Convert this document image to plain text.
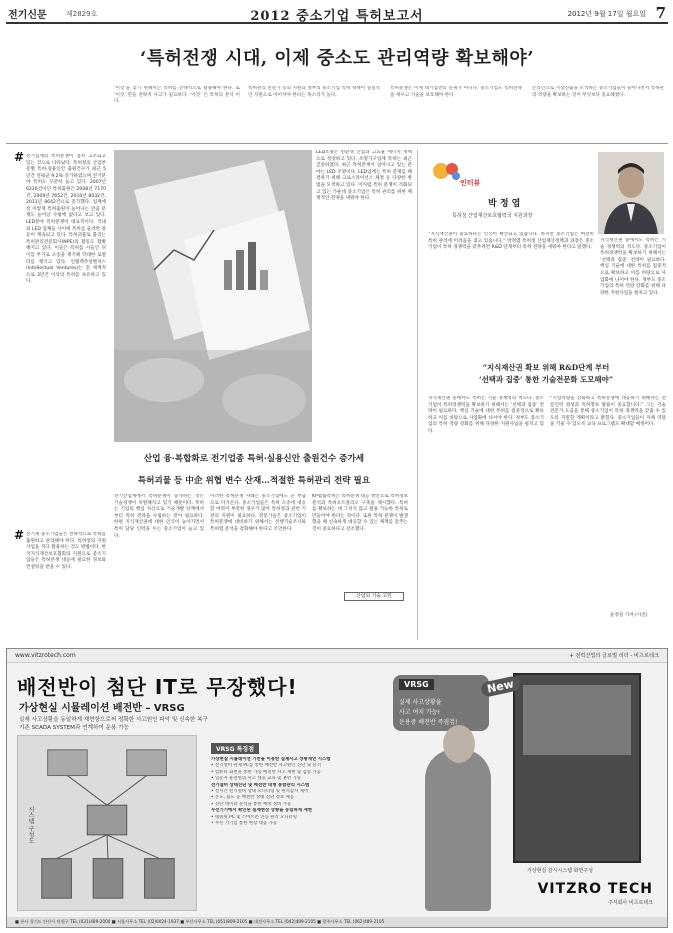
전기신문	제2829호	2012 중소기업 특허보고서	2012년 9월 17일 월요일 7
‘특허전쟁 시대, 이제 중소도 관리역량 확보해야’
‘이것’을 찾기 위해서는 특허를 전략적으로 활용해야 한다. 또 ‘이것’ 만들 전략적 사고가 필요하다. ‘이것’ 은 특허의 분석 이다.
특허관리 전문가 등의 지원과 정부의 중소기업 특허 정책이 실질적인 지원으로 이어져야 한다는 목소리가 높다.
특허분쟁은 이제 대기업만의 문제가 아니다. 중소기업도 특허전략을 세우고 기술을 보호해야 한다.
온라인으로 시장진출을 모색하는 중소기업들이 늘어나면서 특허관리 역량을 확보하는 것이 무엇보다 중요해졌다.
# 전기업계의 특허분쟁이 점차 고조되고 있는 것으로 나타났다. 특허청의 산업부문별 특허·실용신안 출원건수가 최근 5년간 연평균 9.2% 증가하였으며 전기분야 특허도 꾸준히 늘고 있다. 2007년 6226건이던 특허출원은 2008년 7170건, 2009년 7652건, 2010년 8032건, 2011년 8642건으로 증가했다. 업계에선 이렇게 특허출원이 늘어나는 만큼 분쟁도 늘어날 수밖에 없다고 보고 있다. LED분야 특허분쟁이 대표적이다. 국내외 LED 업체들 사이에 특허를 둘러싼 갈등이 계속되고 있다. 특허괴물로 불리는 특허관리전문회사(NPE)의 활동도 활발해지고 있다. 이들은 특허를 사들인 뒤 이를 무기로 소송을 제기해 막대한 로열티를 챙기고 있다. 인텔렉추얼벤처스(Intellectual Ventures)는 전 세계적으로 3만건 이상의 특허를 보유하고 있다.
# 전기계 중소기업들은 전략적으로 특허를 출원하고 관리해야 한다. 특허청의 지원사업을 적극 활용하는 것도 방법이다. 한국지식재산보호협회의 지원으로 중소기업들은 특허분쟁 대응에 필요한 정보와 컨설팅을 받을 수 있다.
LED조명은 친환경 산업과 고효율 에너지 정책으로 성장하고 있다. 조명기구업계 특허는 최근 급증하였다. 최근 특허분쟁이 일어나고 있는 분야는 LED 조명이다. LED업계는 특허 문제를 해결하기 위해 크로스라이선스 체결 등 다양한 방법을 모색하고 있다. 이처럼 특허 분쟁이 격화되고 있는 가운데 중소기업은 특허 관리를 위한 체계적인 전략을 세워야 한다.
산업 융·복합화로 전기업종 특허·실용신안 출원건수 증가세
특허괴물 등 中企 위협 변수 산재…적절한 특허관리 전략 필요
전기산업계에서 특허분쟁이 증가하는 것은 기술경쟁이 치열해지고 있기 때문이다. 특허는 기업의 핵심 자산으로 기술개발 단계에서부터 특허 전략을 수립하는 것이 필요하다. 한편 지식재산권에 대한 인식이 높아지면서 특허 담당 인력을 두는 중소기업이 늘고 있다.
이러한 특허분쟁 사례는 중소기업에도 큰 부담으로 다가온다. 중소기업들은 특허 소송에 대응할 여력이 부족한 경우가 많아 특허청과 관련 기관의 지원이 필요하다. 전문가들은 중소기업이 특허분쟁에 대비하기 위해서는 선행기술조사와 특허맵 분석을 강화해야 한다고 조언한다.
KP법률특허는 특허분쟁 대응 방안으로 특허정보 분석과 특허포트폴리오 구축을 제시했다. 특허를 확보하는 데 그치지 않고 활용 가능한 특허로 만들어야 한다는 것이다. 또한 특허 분쟁이 발생했을 때 신속하게 대응할 수 있는 체계를 갖추는 것이 중요하다고 강조했다.
산업의 기술 고민
인터뷰
박 정 엽
특허청 산업재산보호협력국 지원과장
“지식재산권이 중요하다는 인식이 확산되고 있습니다. 하지만 중소기업은 여전히 특허 관리에 어려움을 겪고 있습니다.” 박정엽 특허청 산업재산정책과 과장은 중소기업이 특허 경쟁력을 갖추려면 R&D 단계부터 특허 전략을 세워야 한다고 말했다.
지식재산권 중에서도 특허는 기술 경쟁력의 척도다. 중소기업이 특허경쟁력을 확보하기 위해서는 ‘선택과 집중’ 전략이 필요하다. 핵심 기술에 대한 특허를 집중적으로 확보하고 이를 바탕으로 사업화에 나서야 한다. 정부도 중소기업의 특허 역량 강화를 위해 다양한 지원사업을 펼치고 있다.
“지식재산권 확보 위해 R&D단계 부터
‘선택과 집중’ 통한 기술전문화 도모해야”
지식재산권 중에서도 특허는 기술 경쟁력의 척도다. 중소기업이 특허경쟁력을 확보하기 위해서는 ‘선택과 집중’ 전략이 필요하다. 핵심 기술에 대한 특허를 집중적으로 확보하고 이를 바탕으로 사업화에 나서야 한다. 정부도 중소기업의 특허 역량 강화를 위해 다양한 지원사업을 펼치고 있다.
“기업역량을 강화하고 특허분쟁에 대응하기 위해서는 전문인력 양성과 특허정보 활용이 중요합니다.” 그는 기술 전문가 도움을 통해 중소기업이 특허 경쟁력을 갖출 수 있도록 지원할 계획이라고 밝혔다. 중소기업들이 자체 역량을 키울 수 있도록 교육 프로그램도 확대할 예정이다.
윤정길 기자 (사진)
www.vitzrotech.com	+ 전력산업의 글로벌 리더 - 비츠로테크
배전반이 첨단 IT로 무장했다!
가상현실 시뮬레이션 배전반 – VRSG
실제 사고상황을 동일하게 재현함으로써 정확한 사고원인 파악 및 신속한 복구
기존 SCADA SYSTEM과 연계하여 운용 가능
시스템 구성도
VRSG 특징점
가상현실 시뮬레이션 기반을 이용한 실제사고 상황재연 시스템
• 전기설비 관제 PC를 통한 배전반 사고원인 진단 및 분석
• 컴퓨터 화면을 통한 가상 배전반 사고 재현 및 검증 가능
• 입문자 운전원의 사고 대응 교육 및 훈련 가능
전기설비 상태진단 및 배전반 대형 통합관리 시스템
• 실시간 전기설비 상태 모니터링 및 원격감시 제어
• 온도, 습도 등 배전반 상태 진단 정보 제공
• 진단 데이터 분석을 통한 예방 정비 가능
무선기기에서 확인된 실제현장 상황을 동일하게 재현
• 태블릿 PC 및 스마트폰 연동 원격 모니터링
• 무선 기기를 통한 현장 대응 가능
VRSG
실제 사고상황을
사고 여지 가능!
운용중 배전반 즉점검!
New
가상현실 감시시스템 화면구성
VITZRO TECH
주식회사 비츠로테크
■ 본사 경기도 안산시 단원구 TEL (031)489-2000 ■ 서울사무소 TEL (02)6024-1937 ■ 부산사무소 TEL (051)809-2105 ■ 대전사무소 TEL (042)489-2105 ■ 광주사무소 TEL (062)489-2105
